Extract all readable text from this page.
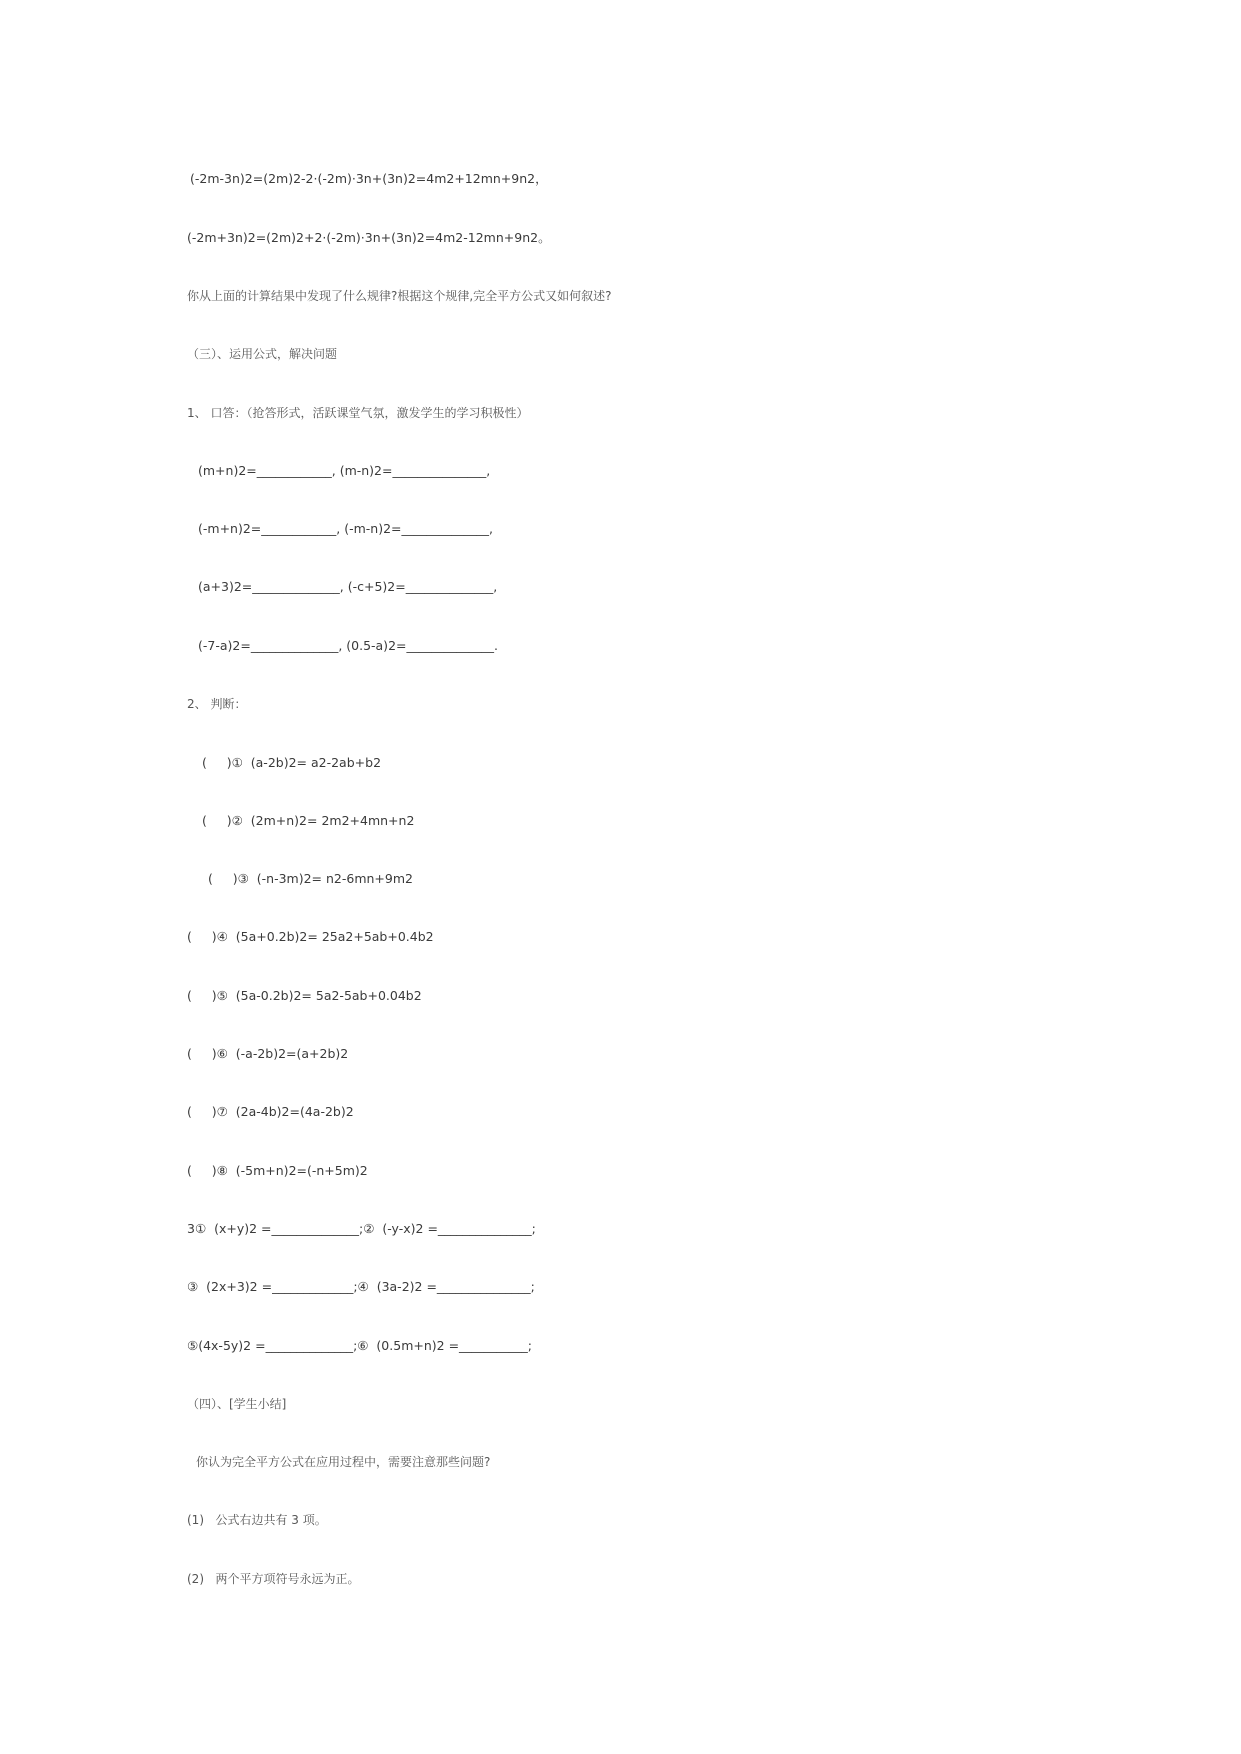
(-2m-3n)2=(2m)2-2·(-2m)·3n+(3n)2=4m2+12mn+9n2，
(-2m+3n)2=(2m)2+2·(-2m)·3n+(3n)2=4m2-12mn+9n2。
你从上面的计算结果中发现了什么规律?根据这个规律,完全平方公式又如何叙述?
（三）、运用公式，解决问题
1、 口答：（抢答形式，活跃课堂气氛，激发学生的学习积极性）
(m+n)2=____________, (m-n)2=_______________,
(-m+n)2=____________, (-m-n)2=______________,
(a+3)2=______________, (-c+5)2=______________,
(-7-a)2=______________, (0.5-a)2=______________.
2、 判断：
(     )①  (a-2b)2= a2-2ab+b2
(     )②  (2m+n)2= 2m2+4mn+n2
(     )③  (-n-3m)2= n2-6mn+9m2
(     )④  (5a+0.2b)2= 25a2+5ab+0.4b2
(     )⑤  (5a-0.2b)2= 5a2-5ab+0.04b2
(     )⑥  (-a-2b)2=(a+2b)2
(     )⑦  (2a-4b)2=(4a-2b)2
(     )⑧  (-5m+n)2=(-n+5m)2
3①  (x+y)2 =______________;②  (-y-x)2 =_______________;
③  (2x+3)2 =_____________;④  (3a-2)2 =_______________;
⑤(4x-5y)2 =______________;⑥  (0.5m+n)2 =___________;
（四）、[学生小结]
你认为完全平方公式在应用过程中，需要注意那些问题?
(1)   公式右边共有 3 项。
(2)   两个平方项符号永远为正。
